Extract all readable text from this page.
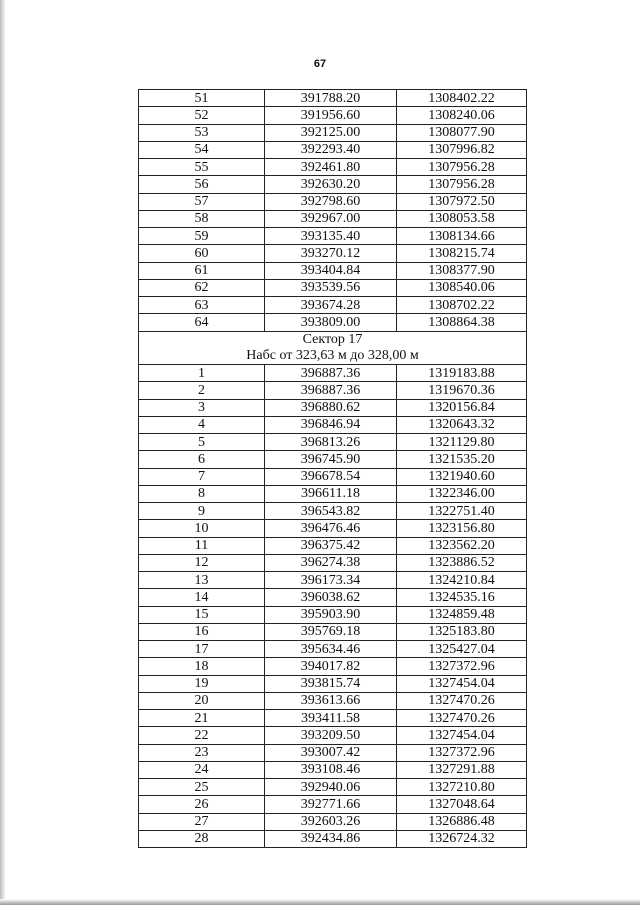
67
51	391788.20	1308402.22
52	391956.60	1308240.06
53	392125.00	1308077.90
54	392293.40	1307996.82
55	392461.80	1307956.28
56	392630.20	1307956.28
57	392798.60	1307972.50
58	392967.00	1308053.58
59	393135.40	1308134.66
60	393270.12	1308215.74
61	393404.84	1308377.90
62	393539.56	1308540.06
63	393674.28	1308702.22
64	393809.00	1308864.38

Сектор 17
Набс от 323,63 м до 328,00 м		

1	396887.36	1319183.88
2	396887.36	1319670.36
3	396880.62	1320156.84
4	396846.94	1320643.32
5	396813.26	1321129.80
6	396745.90	1321535.20
7	396678.54	1321940.60
8	396611.18	1322346.00
9	396543.82	1322751.40
10	396476.46	1323156.80
11	396375.42	1323562.20
12	396274.38	1323886.52
13	396173.34	1324210.84
14	396038.62	1324535.16
15	395903.90	1324859.48
16	395769.18	1325183.80
17	395634.46	1325427.04
18	394017.82	1327372.96
19	393815.74	1327454.04
20	393613.66	1327470.26
21	393411.58	1327470.26
22	393209.50	1327454.04
23	393007.42	1327372.96
24	393108.46	1327291.88
25	392940.06	1327210.80
26	392771.66	1327048.64
27	392603.26	1326886.48
28	392434.86	1326724.32
